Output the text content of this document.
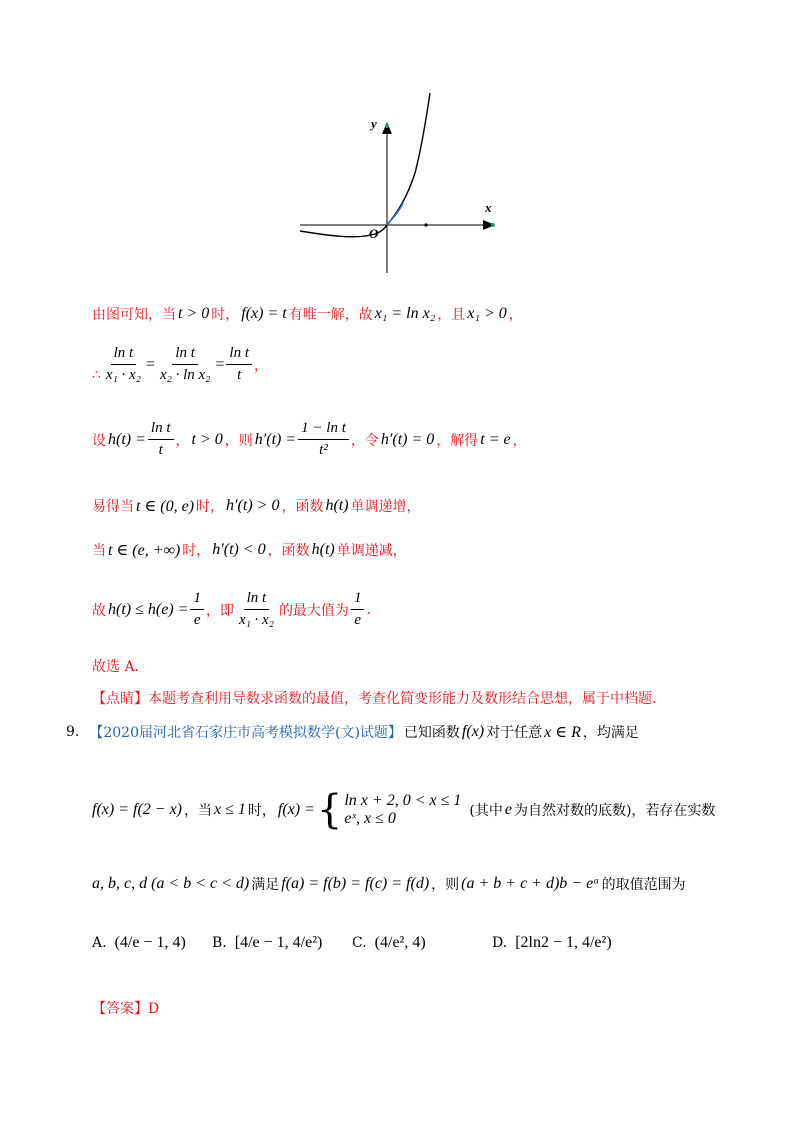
y
x
O
由图可知，当 t > 0 时， f(x) = t 有唯一解，故 x₁ = ln x₂ ，且 x₁ > 0 ，
∴ $\frac{\text{ln t}}{\text{x₁ · x₂}} = \frac{\text{ln t}}{\text{x₂ · ln x₂}} = \frac{\text{ln t}}{t}$ ，
设 $h(t) = \frac{\text{ln t}}{t}$ ， t > 0 ，则 $h'(t) = \frac{\text{1 − ln t}}{\text{t²}}$ ，令 h′(t) = 0 ，解得 t = e ，
易得当 t ∈ (0, e) 时， h′(t) > 0 ，函数 h(t) 单调递增，
当 t ∈ (e, +∞) 时， h′(t) < 0 ，函数 h(t) 单调递减，
故 $h(t) \le h(e) = \frac{1}{e}$ ，即 $\frac{\text{ln t}}{\text{x₁ · x₂}}$ 的最大值为 $\frac{1}{e}$ .
故选 A.
【点睛】本题考查利用导数求函数的最值，考查化简变形能力及数形结合思想，属于中档题.
9. 【2020届河北省石家庄市高考模拟数学(文)试题】 已知函数 f(x) 对于任意 x ∈ R ，均满足
f(x) = f(2 − x) ，当 x ≤ 1 时， f(x) = { ln x + 2, 0 < x ≤ 1
eˣ, x ≤ 0	(其中 e 为自然对数的底数)，若存在实数
a, b, c, d (a < b < c < d) 满足 f(a) = f(b) = f(c) = f(d) ，则 (a + b + c + d)b − eᵃ 的取值范围为
A. (4/e − 1, 4) B. [4/e − 1, 4/e²) C. (4/e², 4)	D. [2ln2 − 1, 4/e²)
【答案】D
